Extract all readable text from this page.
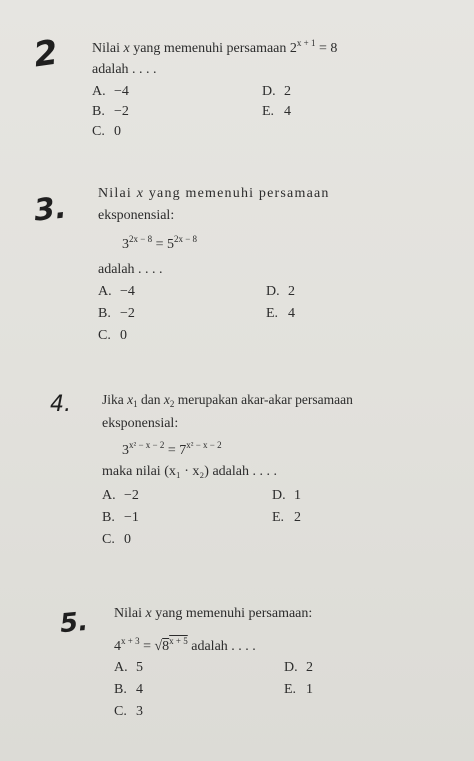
2 Nilai x yang memenuhi persamaan $2^{x + 1} = 8$
adalah . . . .
A. −4
B. −2
C. 0
D. 2
E. 4
3. Nilai x yang memenuhi persamaan
eksponensial:
$3^{2x - 8} = 5^{2x - 8}$
adalah . . . .
A. −4
B. −2
C. 0
D. 2
E. 4
4. Jika $x_1$ dan $x_2$ merupakan akar-akar persamaan
eksponensial:
$3^{x^2 - x - 2} = 7^{x^2 - x - 2}$
maka nilai (x₁ · x₂) adalah . . . .
A. −2
B. −1
C. 0
D. 1
E. 2
5. Nilai x yang memenuhi persamaan:
$4^{x + 3} = √8^{x + 5}$ adalah . . . .
A. 5
B. 4
C. 3
D. 2
E. 1
